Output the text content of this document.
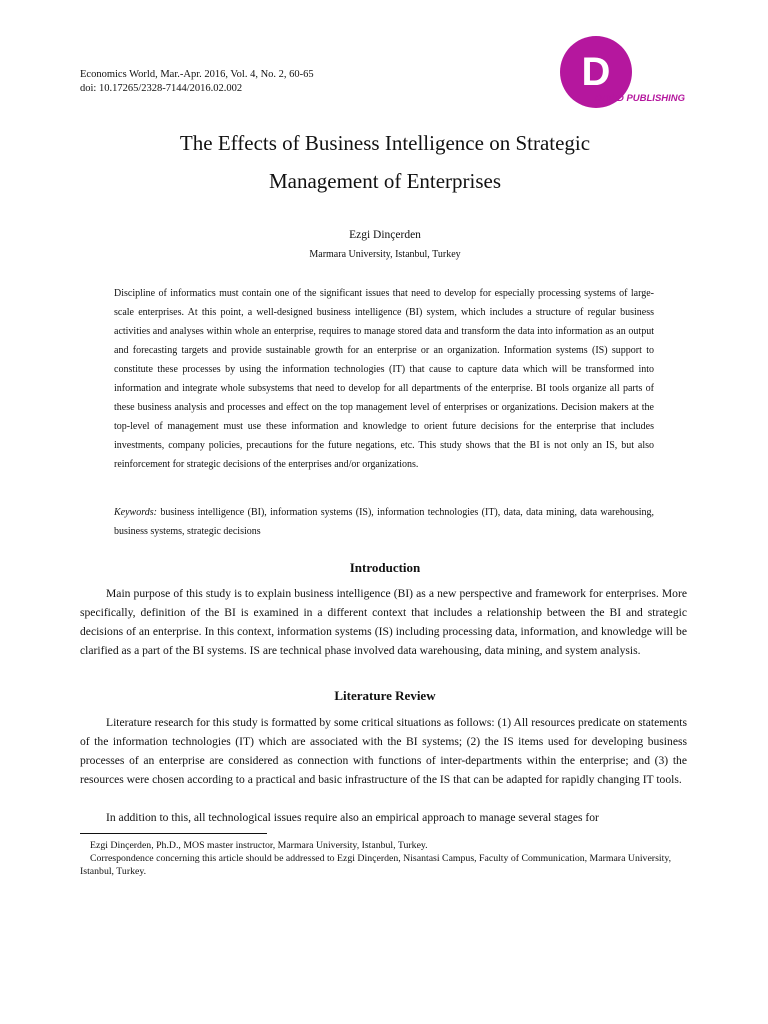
Economics World, Mar.-Apr. 2016, Vol. 4, No. 2, 60-65
doi: 10.17265/2328-7144/2016.02.002	D
DAVID PUBLISHING
The Effects of Business Intelligence on Strategic
Management of Enterprises
Ezgi Dinçerden
Marmara University, Istanbul, Turkey
Discipline of informatics must contain one of the significant issues that need to develop for especially processing systems of large-scale enterprises. At this point, a well-designed business intelligence (BI) system, which includes a structure of regular business activities and analyses within whole an enterprise, requires to manage stored data and transform the data into information as an output and forecasting targets and provide sustainable growth for an enterprise or an organization. Information systems (IS) support to constitute these processes by using the information technologies (IT) that cause to capture data which will be transformed into information and integrate whole subsystems that need to develop for all departments of the enterprise. BI tools organize all parts of these business analysis and processes and effect on the top management level of enterprises or organizations. Decision makers at the top-level of management must use these information and knowledge to orient future decisions for the enterprise that includes investments, company policies, precautions for the future negations, etc. This study shows that the BI is not only an IS, but also reinforcement for strategic decisions of the enterprises and/or organizations.
Keywords: business intelligence (BI), information systems (IS), information technologies (IT), data, data mining, data warehousing, business systems, strategic decisions
Introduction
Main purpose of this study is to explain business intelligence (BI) as a new perspective and framework for enterprises. More specifically, definition of the BI is examined in a different context that includes a relationship between the BI and strategic decisions of an enterprise. In this context, information systems (IS) including processing data, information, and knowledge will be clarified as a part of the BI systems. IS are technical phase involved data warehousing, data mining, and system analysis.
Literature Review
Literature research for this study is formatted by some critical situations as follows: (1) All resources predicate on statements of the information technologies (IT) which are associated with the BI systems; (2) the IS items used for developing business processes of an enterprise are considered as connection with functions of inter-departments within the enterprise; and (3) the resources were chosen according to a practical and basic infrastructure of the IS that can be adapted for rapidly changing IT tools.
In addition to this, all technological issues require also an empirical approach to manage several stages for
Ezgi Dinçerden, Ph.D., MOS master instructor, Marmara University, Istanbul, Turkey.
Correspondence concerning this article should be addressed to Ezgi Dinçerden, Nisantasi Campus, Faculty of Communication, Marmara University, Istanbul, Turkey.
